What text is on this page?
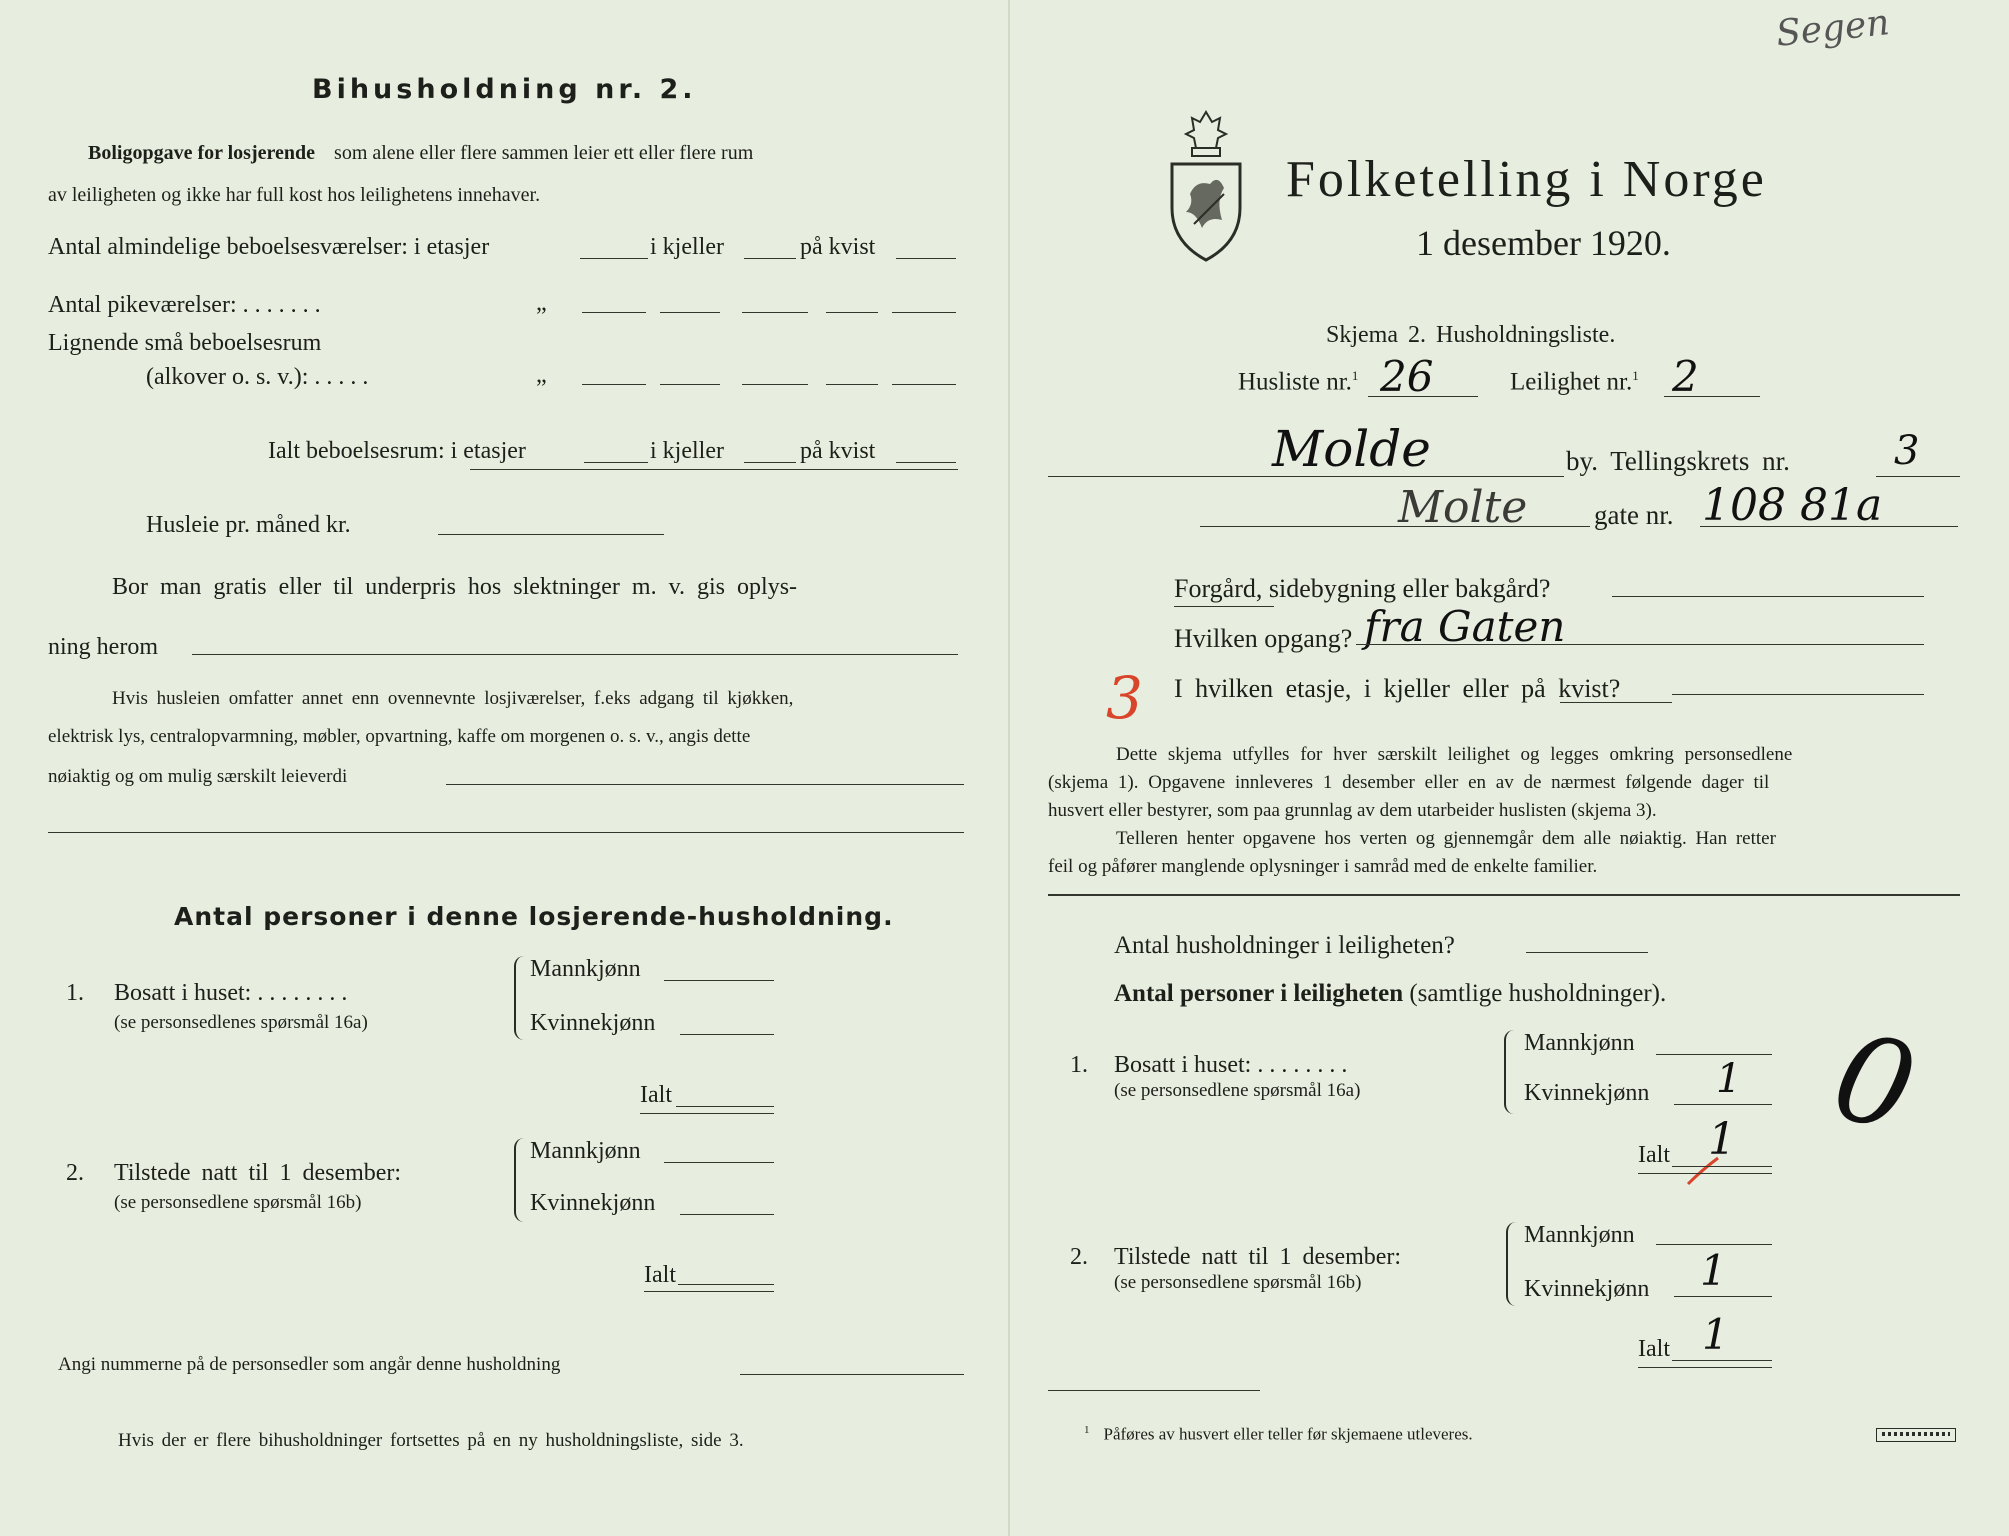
Bihusholdning nr. 2.
Boligopgave for losjerende som alene eller flere sammen leier ett eller flere rum
av leiligheten og ikke har full kost hos leilighetens innehaver.
Antal almindelige beboelsesværelser: i etasjer	i kjeller	på kvist
Antal pikeværelser: . . . . . . .	„
Lignende små beboelsesrum
(alkover o. s. v.): . . . . .	„
Ialt beboelsesrum: i etasjer	i kjeller	på kvist
Husleie pr. måned kr.
Bor man gratis eller til underpris hos slektninger m. v. gis oplys-
ning herom
Hvis husleien omfatter annet enn ovennevnte losjiværelser, f.eks adgang til kjøkken,
elektrisk lys, centralopvarmning, møbler, opvartning, kaffe om morgenen o. s. v., angis dette
nøiaktig og om mulig særskilt leieverdi
Antal personer i denne losjerende-husholdning.
1. Bosatt i huset: . . . . . . . .
(se personsedlenes spørsmål 16a)
Mannkjønn
Kvinnekjønn
Ialt
2. Tilstede natt til 1 desember:
(se personsedlene spørsmål 16b)
Mannkjønn
Kvinnekjønn
Ialt
Angi nummerne på de personsedler som angår denne husholdning
Hvis der er flere bihusholdninger fortsettes på en ny husholdningsliste, side 3.
Segen
Folketelling i Norge
1 desember 1920.
Skjema 2. Husholdningsliste.
Husliste nr.$^1$ 26	Leilighet nr.$^1$ 2
Molde	by. Tellingskrets nr.	3
Molte gate nr. 108 81a
Forgård, sidebygning eller bakgård?
Hvilken opgang? fra Gaten
3 I hvilken etasje, i kjeller eller på kvist?
Dette skjema utfylles for hver særskilt leilighet og legges omkring personsedlene
(skjema 1). Opgavene innleveres 1 desember eller en av de nærmest følgende dager til
husvert eller bestyrer, som paa grunnlag av dem utarbeider huslisten (skjema 3).
Telleren henter opgavene hos verten og gjennemgår dem alle nøiaktig. Han retter
feil og påfører manglende oplysninger i samråd med de enkelte familier.
Antal husholdninger i leiligheten?
Antal personer i leiligheten (samtlige husholdninger).
1. Bosatt i huset: . . . . . . . .
(se personsedlene spørsmål 16a)
Mannkjønn
Kvinnekjønn 1
Ialt 1 0
2. Tilstede natt til 1 desember:
(se personsedlene spørsmål 16b)
Mannkjønn
Kvinnekjønn 1
Ialt 1
$^1$ Påføres av husvert eller teller før skjemaene utleveres.
